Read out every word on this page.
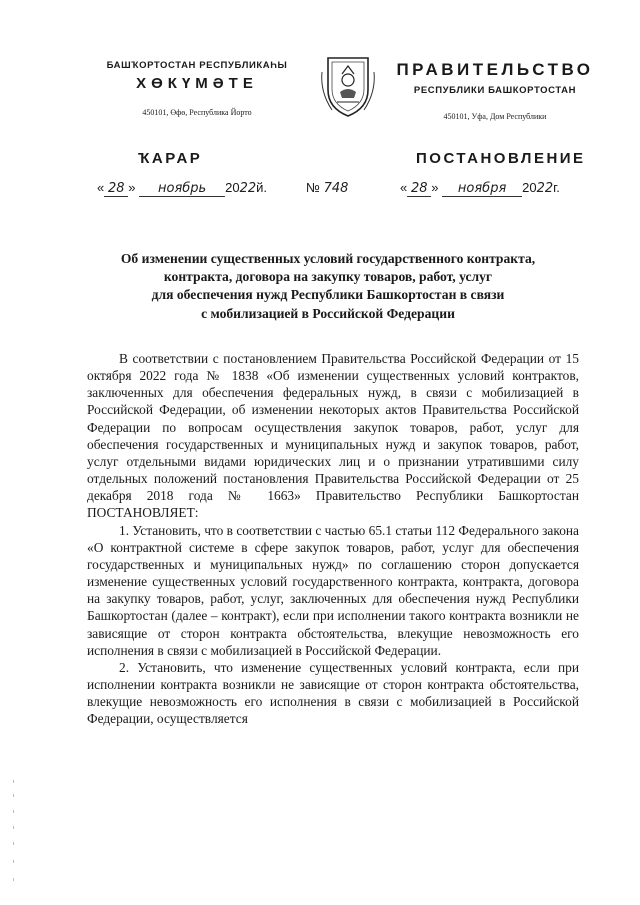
БАШҠОРТОСТАН РЕСПУБЛИКАҺЫ
ХӨКҮМӘТЕ
450101, Өфө, Республика Йорто
ПРАВИТЕЛЬСТВО
РЕСПУБЛИКИ БАШКОРТОСТАН
450101, Уфа, Дом Республики
ҠАРАР	ПОСТАНОВЛЕНИЕ
« 28 » ноябрь 2022й.	№ 748	« 28 » ноября 2022г.
Об изменении существенных условий государственного контракта,
контракта, договора на закупку товаров, работ, услуг
для обеспечения нужд Республики Башкортостан в связи
с мобилизацией в Российской Федерации

В соответствии с постановлением Правительства Российской Федерации от 15 октября 2022 года № 1838 «Об изменении существенных условий контрактов, заключенных для обеспечения федеральных нужд, в связи с мобилизацией в Российской Федерации, об изменении некоторых актов Правительства Российской Федерации по вопросам осуществления закупок товаров, работ, услуг для обеспечения государственных и муниципальных нужд и закупок товаров, работ, услуг отдельными видами юридических лиц и о признании утратившими силу отдельных положений постановления Правительства Российской Федерации от 25 декабря 2018 года № 1663» Правительство Республики Башкортостан ПОСТАНОВЛЯЕТ:

1. Установить, что в соответствии с частью 65.1 статьи 112 Федерального закона «О контрактной системе в сфере закупок товаров, работ, услуг для обеспечения государственных и муниципальных нужд» по соглашению сторон допускается изменение существенных условий государственного контракта, контракта, договора на закупку товаров, работ, услуг, заключенных для обеспечения нужд Республики Башкортостан (далее – контракт), если при исполнении такого контракта возникли не зависящие от сторон контракта обстоятельства, влекущие невозможность его исполнения в связи с мобилизацией в Российской Федерации.

2. Установить, что изменение существенных условий контракта, если при исполнении контракта возникли не зависящие от сторон контракта обстоятельства, влекущие невозможность его исполнения в связи с мобилизацией в Российской Федерации, осуществляется
